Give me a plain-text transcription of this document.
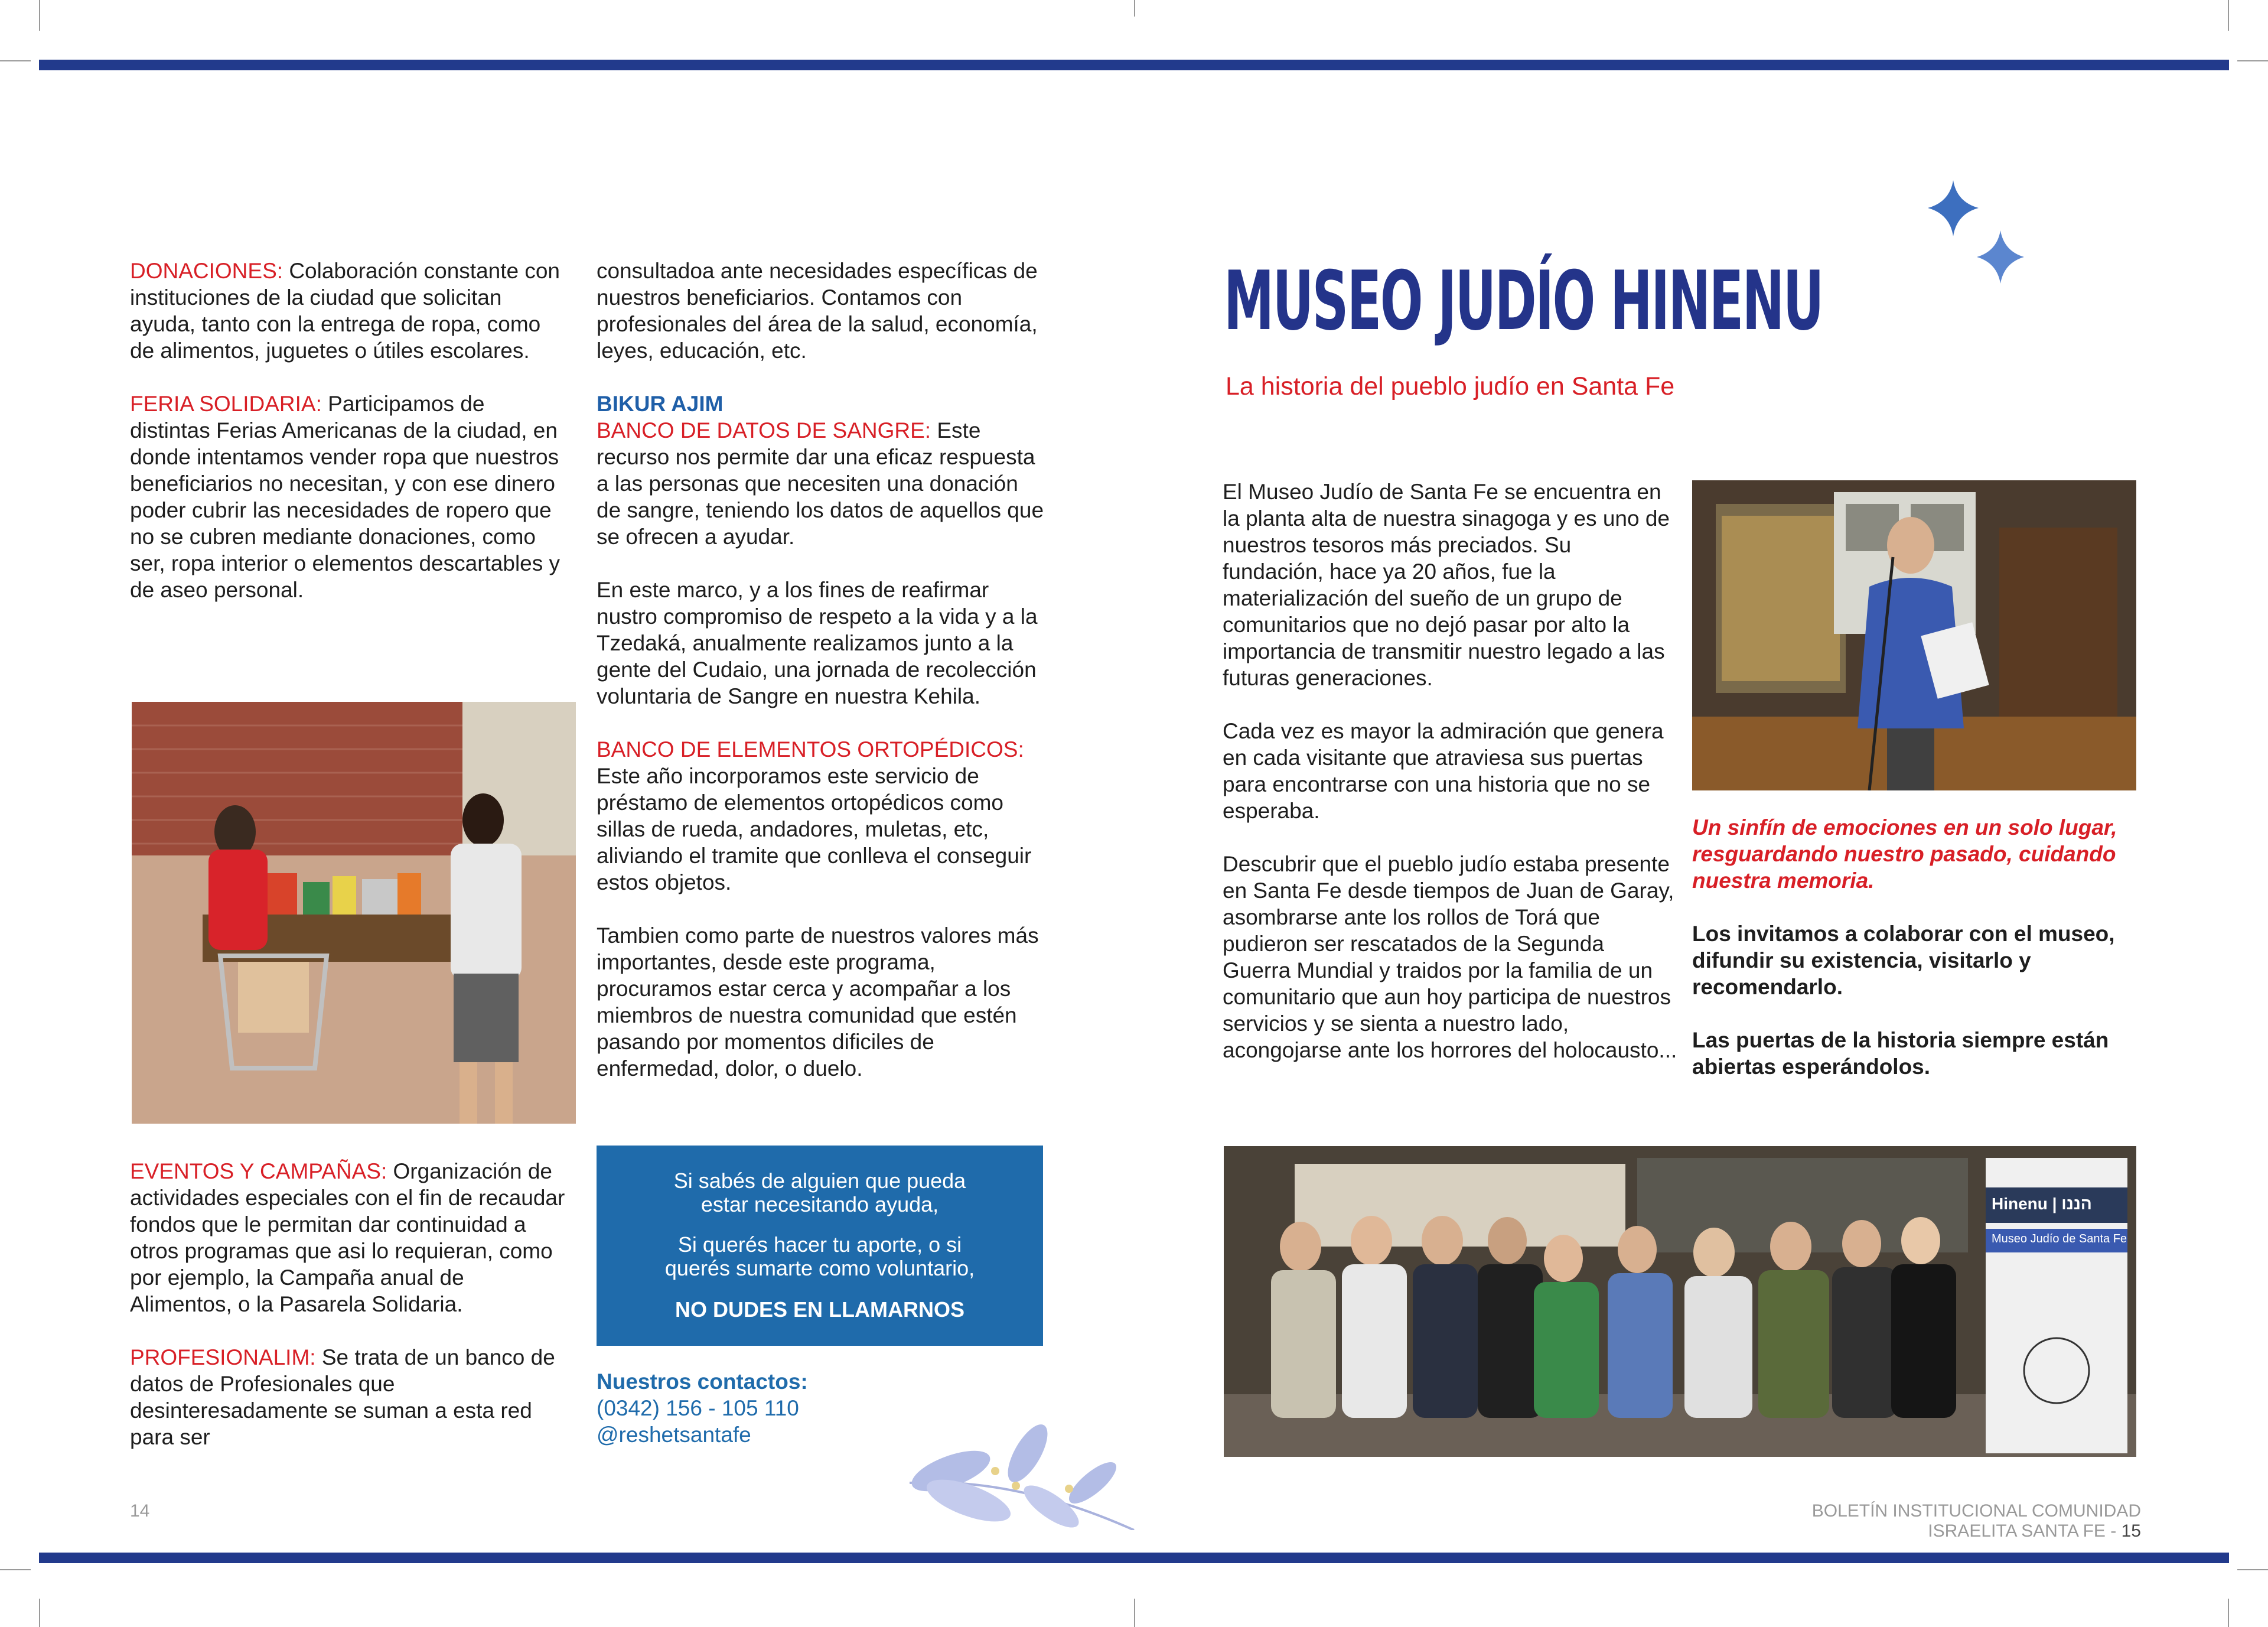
DONACIONES: Colaboración constante con instituciones de la ciudad que solicitan ayuda, tanto con la entrega de ropa, como de alimentos, juguetes o útiles escolares.

FERIA SOLIDARIA: Participamos de distintas Ferias Americanas de la ciudad, en donde intentamos vender ropa que nuestros beneficiarios no necesitan, y con ese dinero poder cubrir las necesidades de ropero que no se cubren mediante donaciones, como ser, ropa interior o elementos descartables y de aseo personal.

EVENTOS Y CAMPAÑAS: Organización de actividades especiales con el fin de recaudar fondos que le permitan dar continuidad a otros programas que asi lo requieran, como por ejemplo, la Campaña anual de Alimentos, o la Pasarela Solidaria.

PROFESIONALIM: Se trata de un banco de datos de Profesionales que desinteresadamente se suman a esta red para ser

consultadoa ante necesidades específicas de nuestros beneficiarios. Contamos con profesionales del área de la salud, economía, leyes, educación, etc.

BIKUR AJIM

BANCO DE DATOS DE SANGRE: Este recurso nos permite dar una eficaz respuesta a las personas que necesiten una donación de sangre, teniendo los datos de aquellos que se ofrecen a ayudar.

En este marco, y a los fines de reafirmar nustro compromiso de respeto a la vida y a la Tzedaká, anualmente realizamos junto a la gente del Cudaio, una jornada de recolección voluntaria de Sangre en nuestra Kehila.

BANCO DE ELEMENTOS ORTOPÉDICOS:

Este año incorporamos este servicio de préstamo de elementos ortopédicos como sillas de rueda, andadores, muletas, etc, aliviando el tramite que conlleva el conseguir estos objetos.

Tambien como parte de nuestros valores más importantes, desde este programa, procuramos estar cerca y acompañar a los miembros de nuestra comunidad que estén pasando por momentos dificiles de enfermedad, dolor, o duelo.

Si sabés de alguien que pueda
estar necesitando ayuda,
Si querés hacer tu aporte, o si
querés sumarte como voluntario,
NO DUDES EN LLAMARNOS
Nuestros contactos:
(0342) 156 - 105 110
@reshetsantafe
14
MUSEO JUDÍO HINENU
La historia del pueblo judío en Santa Fe

El Museo Judío de Santa Fe se encuentra en la planta alta de nuestra sinagoga y es uno de nuestros tesoros más preciados. Su fundación, hace ya 20 años, fue la materialización del sueño de un grupo de comunitarios que no dejó pasar por alto la importancia de transmitir nuestro legado a las futuras generaciones.

Cada vez es mayor la admiración que genera en cada visitante que atraviesa sus puertas para encontrarse con una historia que no se esperaba.

Descubrir que el pueblo judío estaba presente en Santa Fe desde tiempos de Juan de Garay, asombrarse ante los rollos de Torá que pudieron ser rescatados de la Segunda Guerra Mundial y traidos por la familia de un comunitario que aun hoy participa de nuestros servicios y se sienta a nuestro lado, acongojarse ante los horrores del holocausto...

Un sinfín de emociones en un solo lugar, resguardando nuestro pasado, cuidando nuestra memoria.

Los invitamos a colaborar con el museo, difundir su existencia, visitarlo y recomendarlo.

Las puertas de la historia siempre están abiertas esperándolos.

Hinenu | הננו
Museo Judío de Santa Fe
BOLETÍN INSTITUCIONAL COMUNIDAD ISRAELITA SANTA FE - 15
